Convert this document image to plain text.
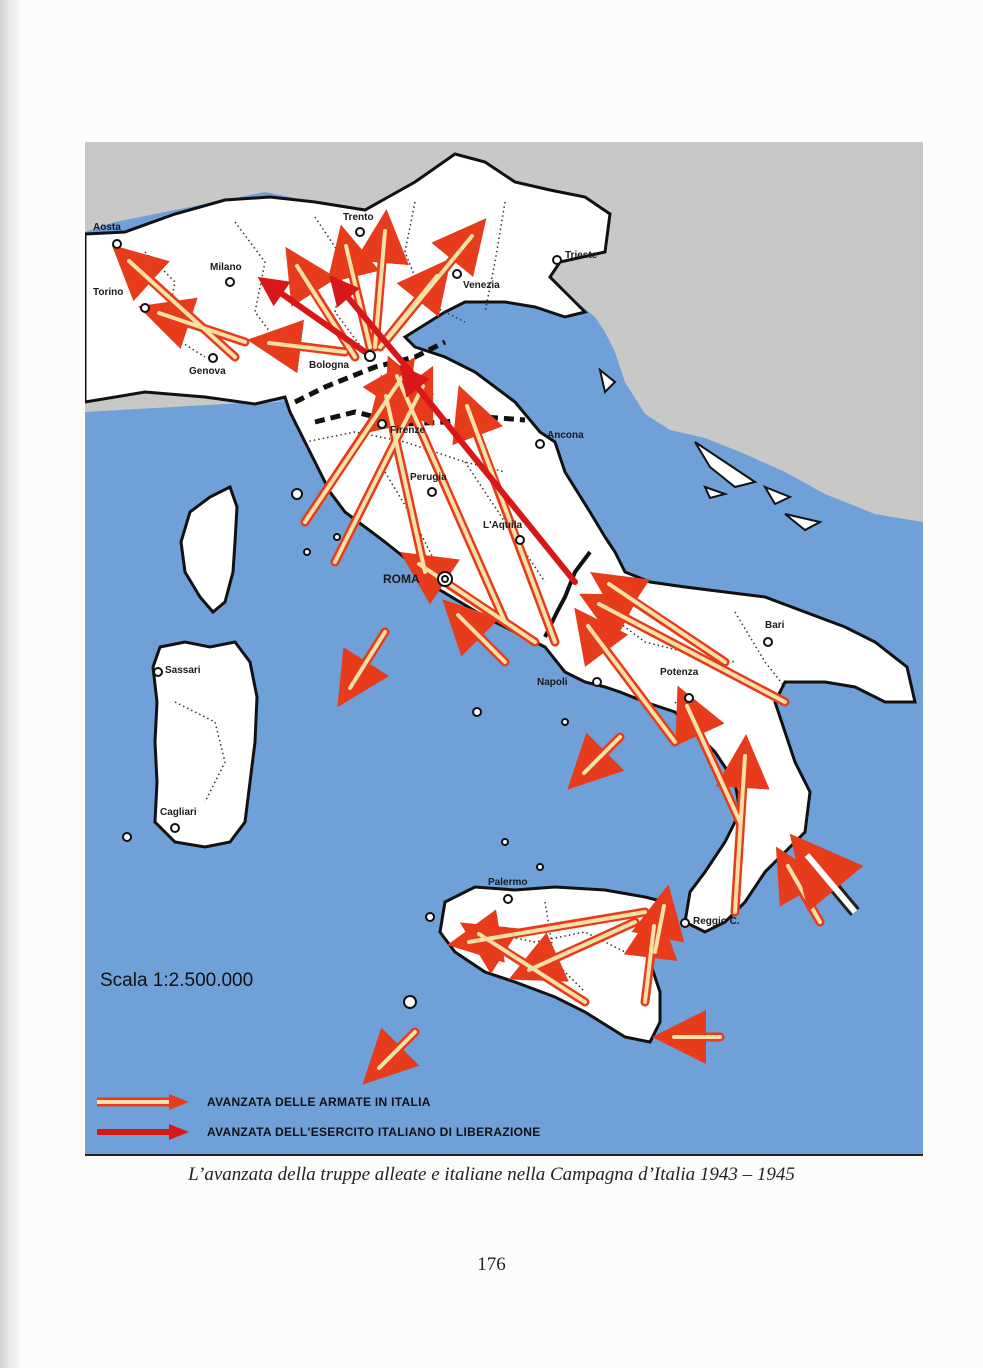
Aosta
Torino
Milano
Trento
Venezia
Trieste
Genova
Bologna
Firenze	Ancona
Perugia
L'Aquila
ROMA
Bari
Napoli
Potenza
Sassari
Cagliari
Palermo
Reggio C.
Scala 1:2.500.000
AVANZATA DELLE ARMATE IN ITALIA
AVANZATA DELL'ESERCITO ITALIANO DI LIBERAZIONE
L’avanzata della truppe alleate e italiane nella Campagna d’Italia 1943 – 1945
176
